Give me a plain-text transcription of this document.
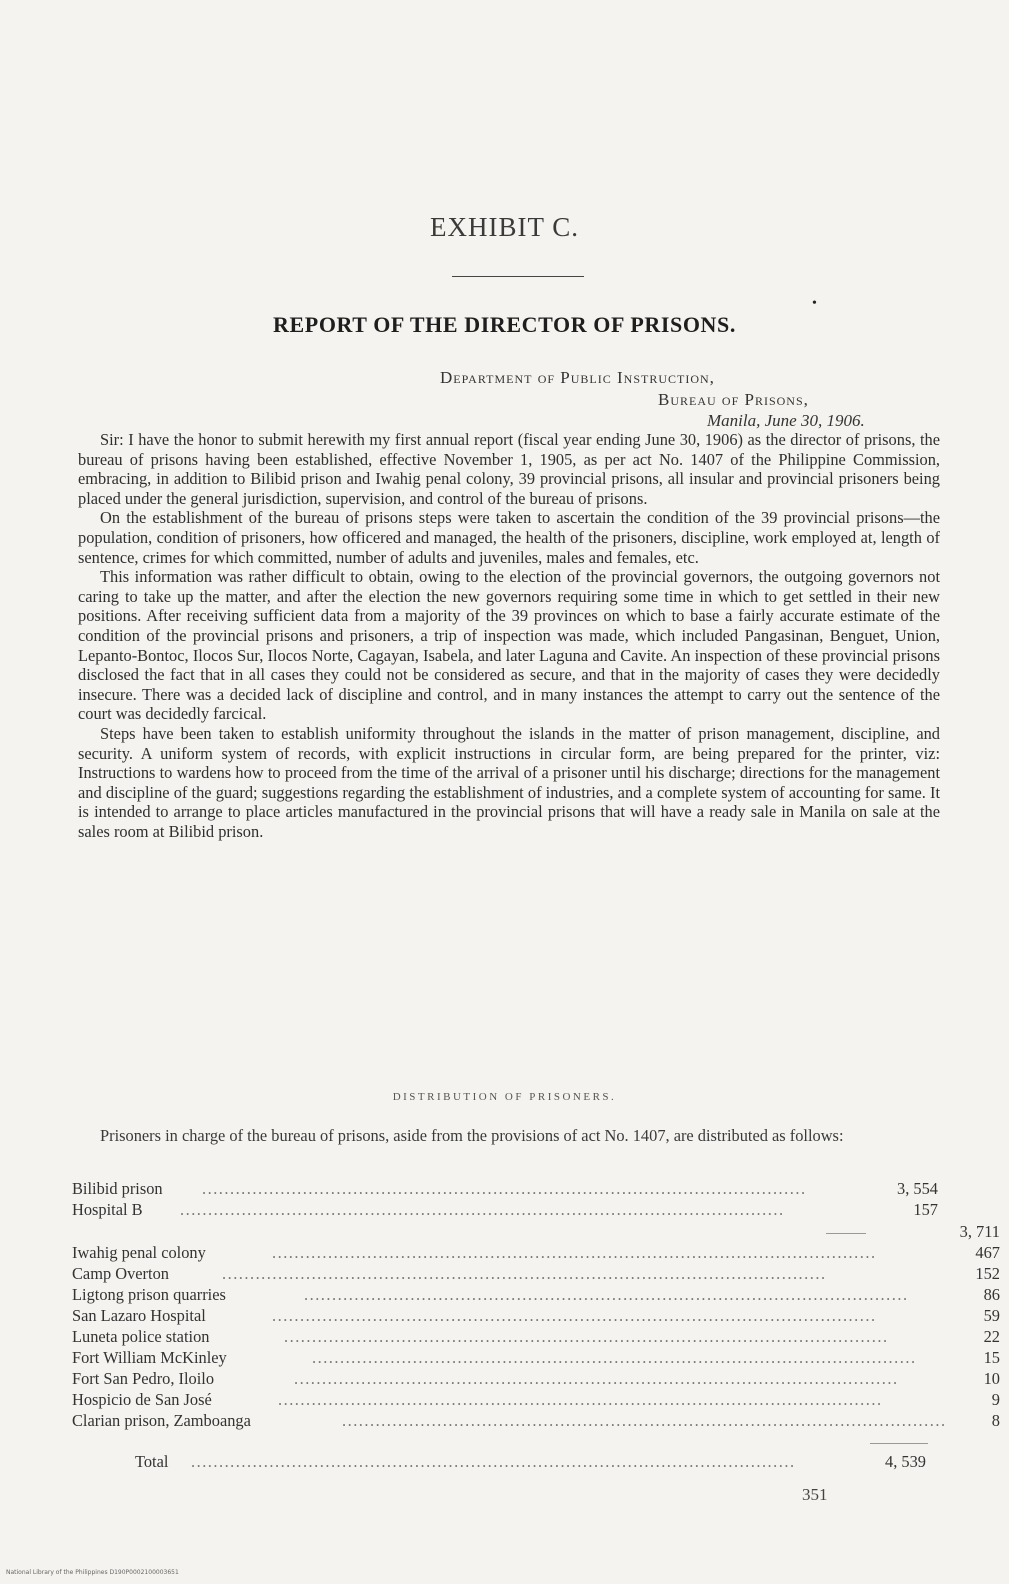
EXHIBIT C.
•
REPORT OF THE DIRECTOR OF PRISONS.
Department of Public Instruction,
Bureau of Prisons,
Manila, June 30, 1906.

Sir: I have the honor to submit herewith my first annual report (fiscal year ending June 30, 1906) as the director of prisons, the bureau of prisons having been established, effective November 1, 1905, as per act No. 1407 of the Philippine Commission, embracing, in addition to Bilibid prison and Iwahig penal colony, 39 provincial prisons, all insular and provincial prisoners being placed under the general jurisdiction, supervision, and control of the bureau of prisons.

On the establishment of the bureau of prisons steps were taken to ascertain the condition of the 39 provincial prisons—the population, condition of prisoners, how officered and managed, the health of the prisoners, discipline, work employed at, length of sentence, crimes for which committed, number of adults and juveniles, males and females, etc.

This information was rather difficult to obtain, owing to the election of the provincial governors, the outgoing governors not caring to take up the matter, and after the election the new governors requiring some time in which to get settled in their new positions. After receiving sufficient data from a majority of the 39 provinces on which to base a fairly accurate estimate of the condition of the provincial prisons and prisoners, a trip of inspection was made, which included Pangasinan, Benguet, Union, Lepanto-Bontoc, Ilocos Sur, Ilocos Norte, Cagayan, Isabela, and later Laguna and Cavite. An inspection of these provincial prisons disclosed the fact that in all cases they could not be considered as secure, and that in the majority of cases they were decidedly insecure. There was a decided lack of discipline and control, and in many instances the attempt to carry out the sentence of the court was decidedly farcical.

Steps have been taken to establish uniformity throughout the islands in the matter of prison management, discipline, and security. A uniform system of records, with explicit instructions in circular form, are being prepared for the printer, viz: Instructions to wardens how to proceed from the time of the arrival of a prisoner until his discharge; directions for the management and discipline of the guard; suggestions regarding the establishment of industries, and a complete system of accounting for same. It is intended to arrange to place articles manufactured in the provincial prisons that will have a ready sale in Manila on sale at the sales room at Bilibid prison.

DISTRIBUTION OF PRISONERS.

Prisoners in charge of the bureau of prisons, aside from the provisions of act No. 1407, are distributed as follows:

Bilibid prison ............................................................................................................	3, 554
Hospital B ............................................................................................................	157
3, 711
Iwahig penal colony	............................................................................................................	467
Camp Overton	............................................................................................................	152
Ligtong prison quarries	............................................................................................................	86
San Lazaro Hospital	............................................................................................................	59
Luneta police station	............................................................................................................	22
Fort William McKinley	............................................................................................................	15
Fort San Pedro, Iloilo	............................................................................................................	10
Hospicio de San José	............................................................................................................	9
Clarian prison, Zamboanga	............................................................................................................	8
Total ............................................................................................................	4, 539
351
National Library of the Philippines D190P0002100003651
